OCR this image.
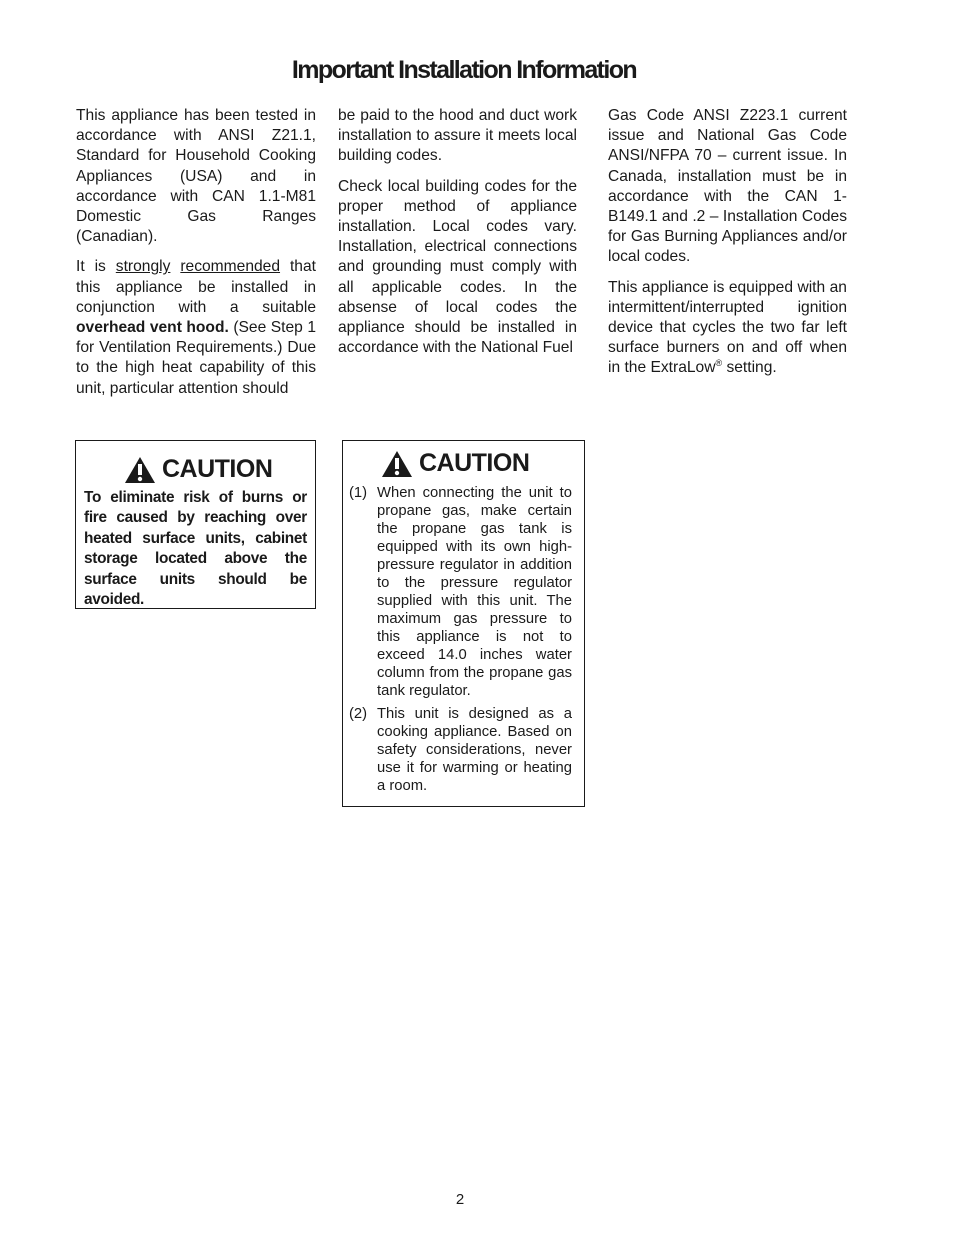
Important Installation Information

This appliance has been tested in accordance with ANSI Z21.1, Standard for Household Cooking Appliances (USA) and in accordance with CAN 1.1-M81 Domestic Gas Ranges (Canadian).

It is strongly recommended that this appliance be installed in conjunction with a suitable overhead vent hood. (See Step 1 for Ventilation Requirements.) Due to the high heat capability of this unit, particular attention should

be paid to the hood and duct work installation to assure it meets local building codes.

Check local building codes for the proper method of appliance installation. Local codes vary. Installation, electrical connections and grounding must comply with all applicable codes. In the absense of local codes the appliance should be installed in accordance with the National Fuel

Gas Code ANSI Z223.1 current issue and National Gas Code ANSI/NFPA 70 – current issue. In Canada, installation must be in accordance with the CAN 1-B149.1 and .2 – Installation Codes for Gas Burning Appliances and/or local codes.

This appliance is equipped with an intermittent/interrupted ignition device that cycles the two far left surface burners on and off when in the ExtraLow® setting.

CAUTION

To eliminate risk of burns or fire caused by reaching over heated surface units, cabinet storage located above the surface units should be avoided.

CAUTION
(1) When connecting the unit to propane gas, make certain the propane gas tank is equipped with its own high-pressure regulator in addition to the pressure regulator supplied with this unit. The maximum gas pressure to this appliance is not to exceed 14.0 inches water column from the propane gas tank regulator.
(2) This unit is designed as a cooking appliance. Based on safety considerations, never use it for warming or heating a room.
2
